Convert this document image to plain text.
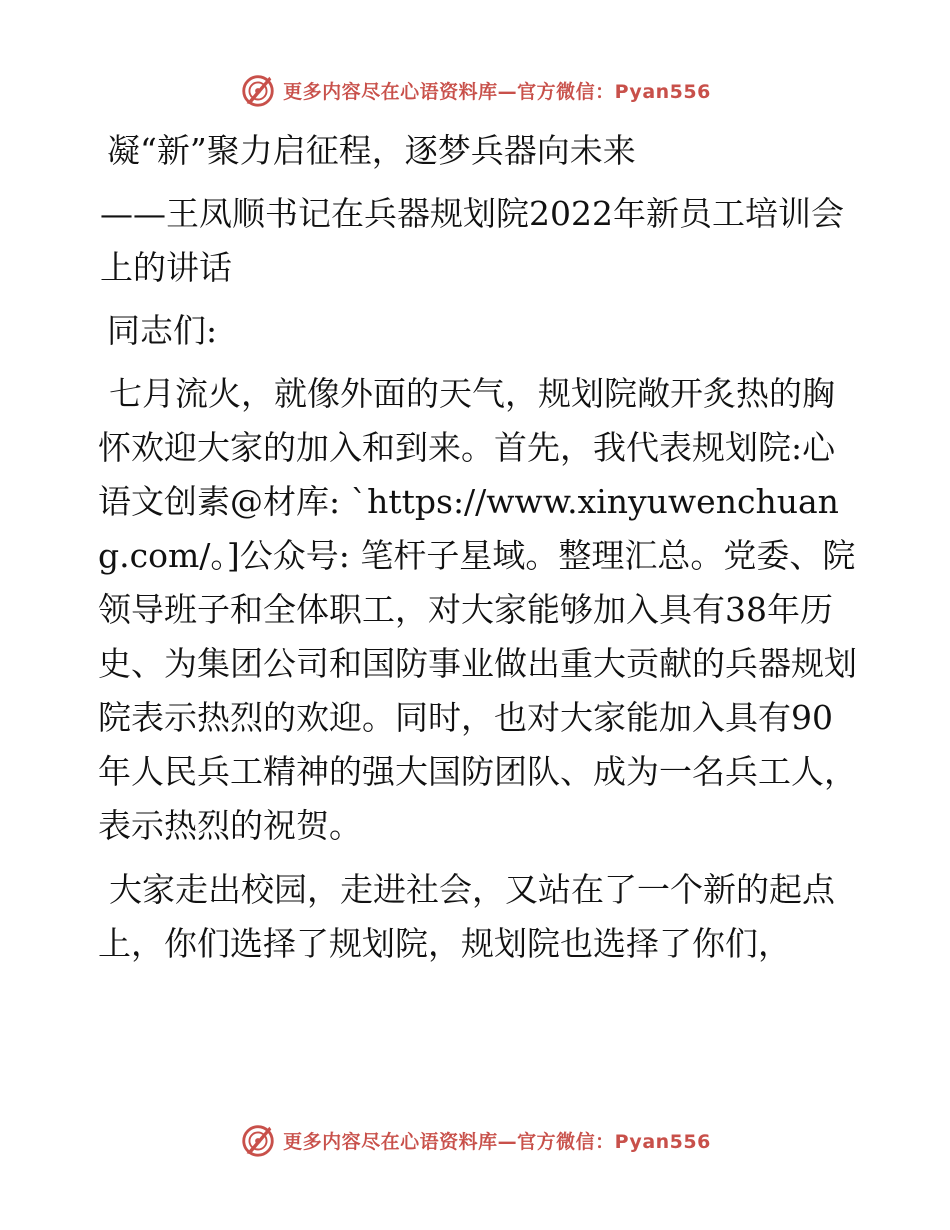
更多内容尽在心语资料库—官方微信：Pyan556

凝“新”聚力启征程，逐梦兵器向未来

——王凤顺书记在兵器规划院2022年新员工培训会上的讲话

同志们:

七月流火，就像外面的天气，规划院敞开炙热的胸怀欢迎大家的加入和到来。首先，我代表规划院:心语文创素@材库: `https://www.xinyuwenchuang.com/。]公众号: 笔杆子星域。整理汇总。党委、院领导班子和全体职工，对大家能够加入具有38年历史、为集团公司和国防事业做出重大贡献的兵器规划院表示热烈的欢迎。同时，也对大家能加入具有90年人民兵工精神的强大国防团队、成为一名兵工人，表示热烈的祝贺。

大家走出校园，走进社会，又站在了一个新的起点上，你们选择了规划院，规划院也选择了你们，

更多内容尽在心语资料库—官方微信：Pyan556
